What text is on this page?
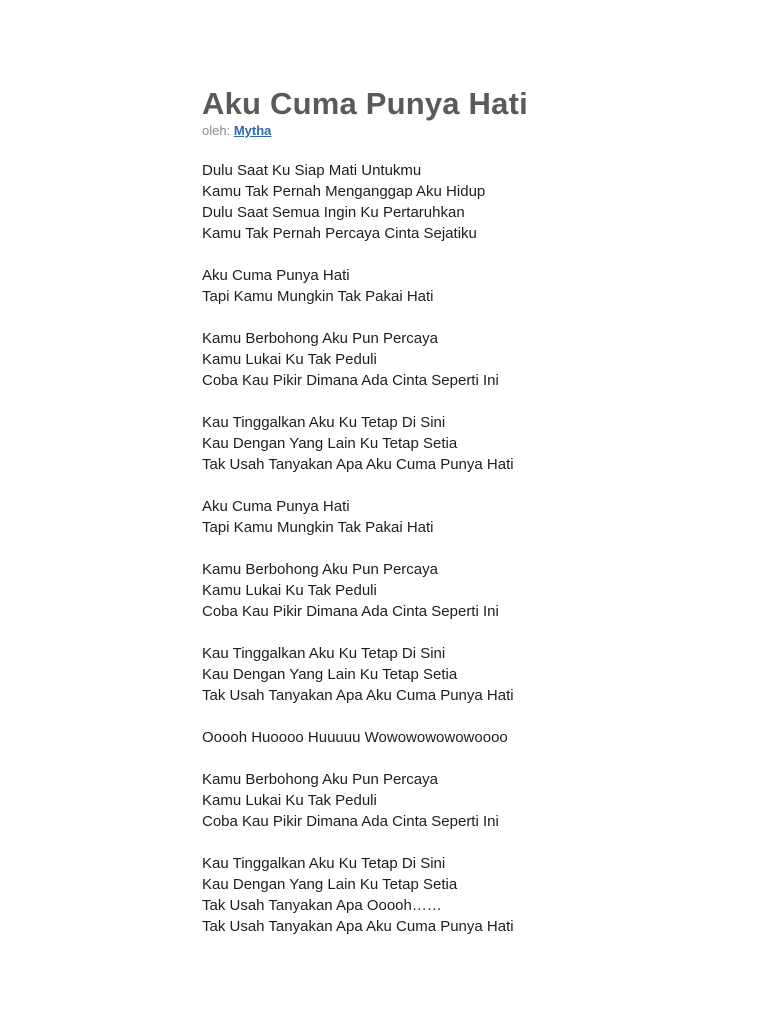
Aku Cuma Punya Hati
oleh: Mytha
Dulu Saat Ku Siap Mati Untukmu
Kamu Tak Pernah Menganggap Aku Hidup
Dulu Saat Semua Ingin Ku Pertaruhkan
Kamu Tak Pernah Percaya Cinta Sejatiku
Aku Cuma Punya Hati
Tapi Kamu Mungkin Tak Pakai Hati
Kamu Berbohong Aku Pun Percaya
Kamu Lukai Ku Tak Peduli
Coba Kau Pikir Dimana Ada Cinta Seperti Ini
Kau Tinggalkan Aku Ku Tetap Di Sini
Kau Dengan Yang Lain Ku Tetap Setia
Tak Usah Tanyakan Apa Aku Cuma Punya Hati
Aku Cuma Punya Hati
Tapi Kamu Mungkin Tak Pakai Hati
Kamu Berbohong Aku Pun Percaya
Kamu Lukai Ku Tak Peduli
Coba Kau Pikir Dimana Ada Cinta Seperti Ini
Kau Tinggalkan Aku Ku Tetap Di Sini
Kau Dengan Yang Lain Ku Tetap Setia
Tak Usah Tanyakan Apa Aku Cuma Punya Hati
Ooooh Huoooo Huuuuu Wowowowowowoooo
Kamu Berbohong Aku Pun Percaya
Kamu Lukai Ku Tak Peduli
Coba Kau Pikir Dimana Ada Cinta Seperti Ini
Kau Tinggalkan Aku Ku Tetap Di Sini
Kau Dengan Yang Lain Ku Tetap Setia
Tak Usah Tanyakan Apa Ooooh……
Tak Usah Tanyakan Apa Aku Cuma Punya Hati
